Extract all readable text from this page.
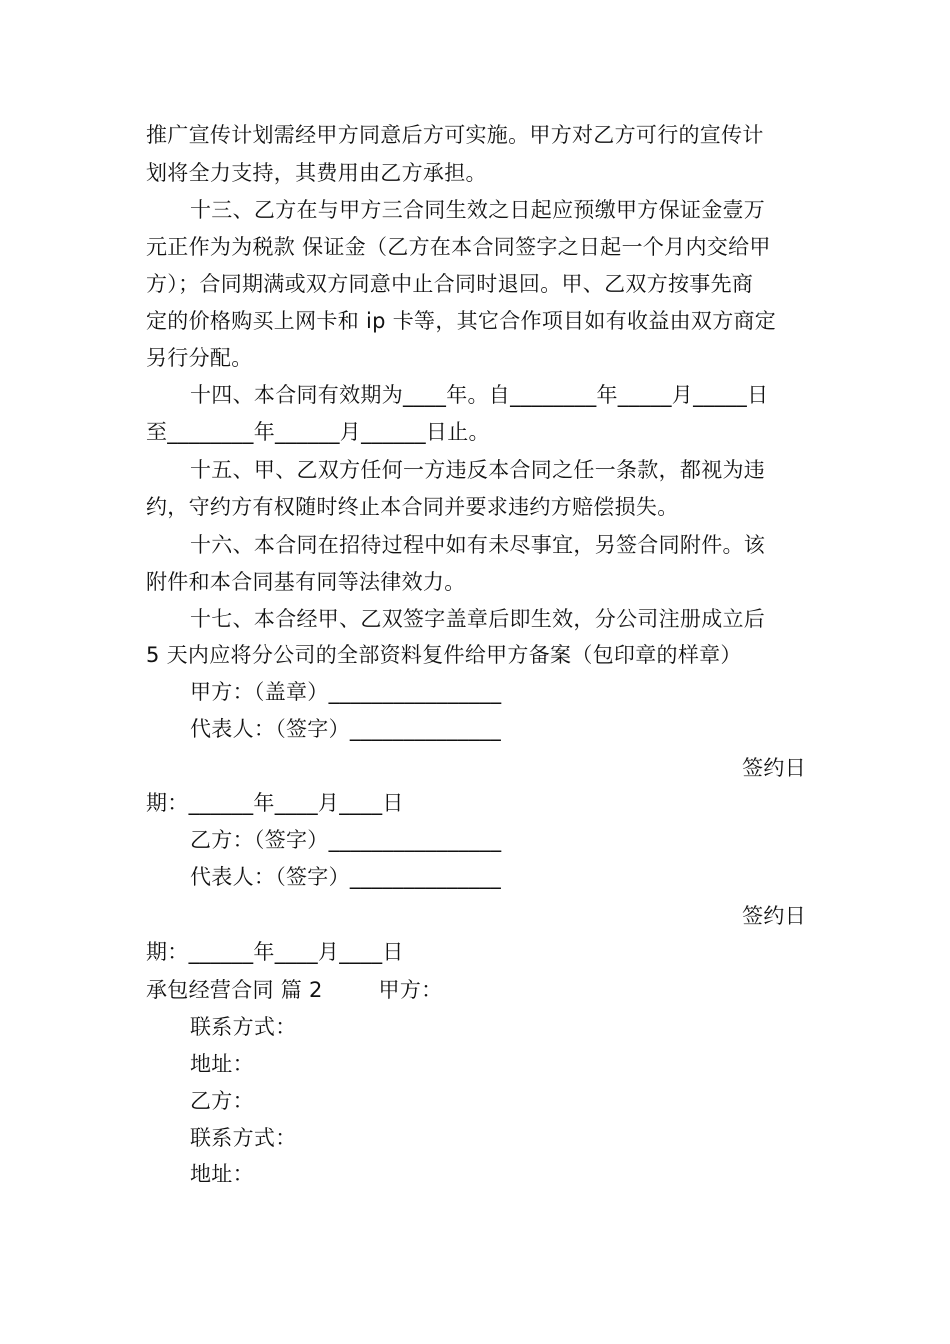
推广宣传计划需经甲方同意后方可实施。甲方对乙方可行的宣传计
划将全力支持，其费用由乙方承担。
十三、乙方在与甲方三合同生效之日起应预缴甲方保证金壹万
元正作为为税款 保证金（乙方在本合同签字之日起一个月内交给甲
方）；合同期满或双方同意中止合同时退回。甲、乙双方按事先商
定的价格购买上网卡和 ip 卡等，其它合作项目如有收益由双方商定
另行分配。
十四、本合同有效期为____年。自________年_____月_____日
至________年______月______日止。
十五、甲、乙双方任何一方违反本合同之任一条款，都视为违
约，守约方有权随时终止本合同并要求违约方赔偿损失。
十六、本合同在招待过程中如有未尽事宜，另签合同附件。该
附件和本合同基有同等法律效力。
十七、本合经甲、乙双签字盖章后即生效，分公司注册成立后
5 天内应将分公司的全部资料复件给甲方备案（包印章的样章）
甲方：（盖章）________________
代表人：（签字）______________
签约日
期：______年____月____日
乙方：（签字）________________
代表人：（签字）______________
签约日
期：______年____月____日
承包经营合同 篇 2        甲方：
联系方式：
地址：
乙方：
联系方式：
地址：
